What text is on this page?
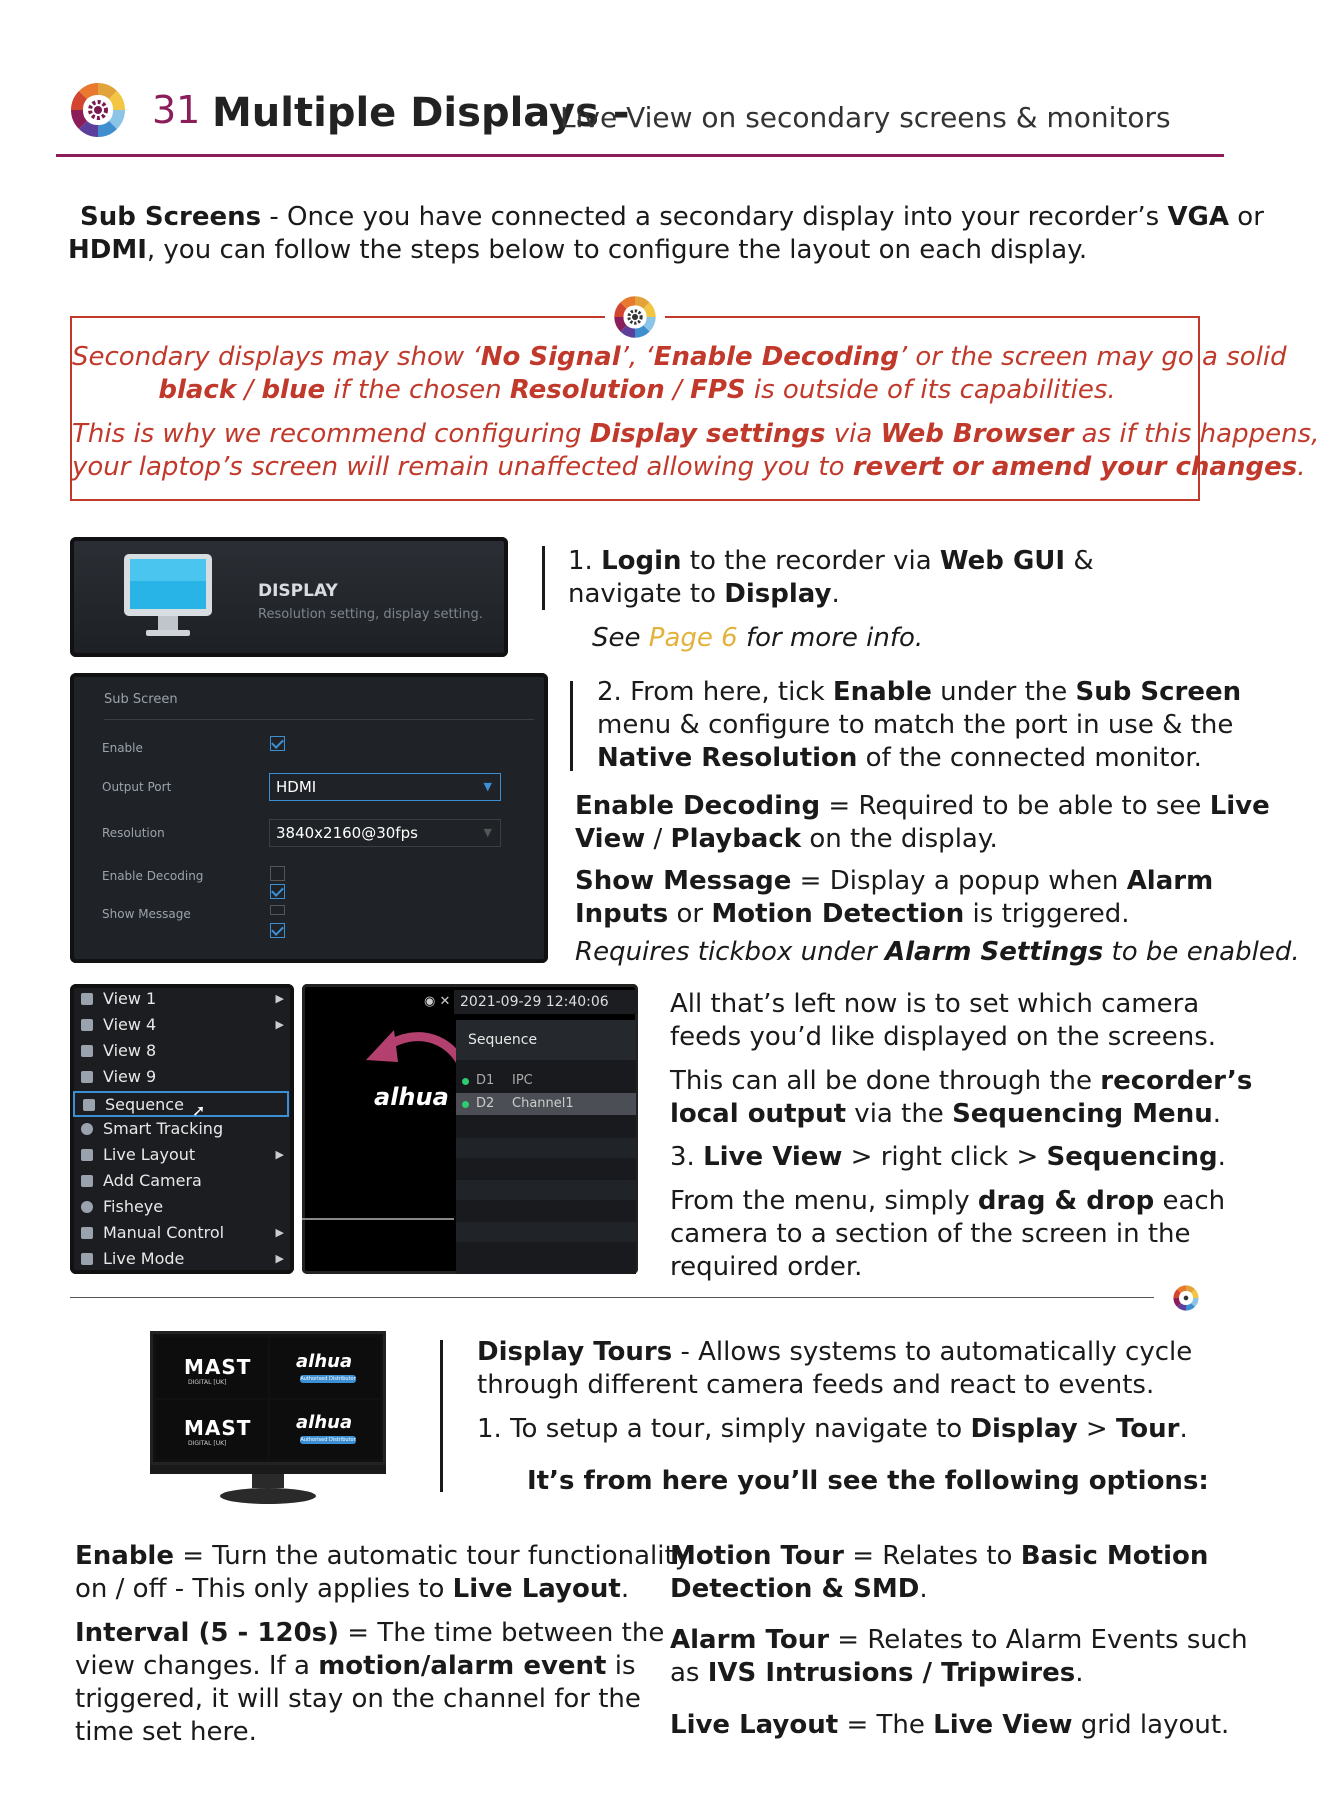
31 Multiple Displays -
Live View on secondary screens & monitors
Sub Screens - Once you have connected a secondary display into your recorder’s VGA or
HDMI, you can follow the steps below to configure the layout on each display.
Secondary displays may show ‘No Signal’, ‘Enable Decoding’ or the screen may go a solid
black / blue if the chosen Resolution / FPS is outside of its capabilities.
This is why we recommend configuring Display settings via Web Browser as if this happens,
your laptop’s screen will remain unaffected allowing you to revert or amend your changes.
DISPLAY
Resolution setting, display setting.
1. Login to the recorder via Web GUI &
navigate to Display.
See Page 6 for more info.
Sub Screen
Enable
Output Port	HDMI	▼
Resolution	3840x2160@30fps	▼
Enable Decoding
Show Message
2. From here, tick Enable under the Sub Screen
menu & configure to match the port in use & the
Native Resolution of the connected monitor.
Enable Decoding = Required to be able to see Live
View / Playback on the display.
Show Message = Display a popup when Alarm
Inputs or Motion Detection is triggered.
Requires tickbox under Alarm Settings to be enabled.
View 1	▶
View 4	▶
View 8
View 9
Sequence ➚
Smart Tracking
Live Layout	▶
Add Camera
Fisheye
Manual Control	▶
Live Mode	▶
◉ ✕ 2021-09-29 12:40:06
alhua
Sequence
D1 IPC
D2 Channel1
All that’s left now is to set which camera
feeds you’d like displayed on the screens.
This can all be done through the recorder’s
local output via the Sequencing Menu.
3. Live View > right click > Sequencing.
From the menu, simply drag & drop each
camera to a section of the screen in the
required order.
MAST
DIGITAL [UK]
alhua
Authorised Distributor
MAST
DIGITAL [UK]
alhua
Authorised Distributor
Display Tours - Allows systems to automatically cycle
through different camera feeds and react to events.
1. To setup a tour, simply navigate to Display > Tour.
It’s from here you’ll see the following options:
Enable = Turn the automatic tour functionality
on / off - This only applies to Live Layout.
Interval (5 - 120s) = The time between the
view changes. If a motion/alarm event is
triggered, it will stay on the channel for the
time set here.
Motion Tour = Relates to Basic Motion
Detection & SMD.
Alarm Tour = Relates to Alarm Events such
as IVS Intrusions / Tripwires.
Live Layout = The Live View grid layout.
